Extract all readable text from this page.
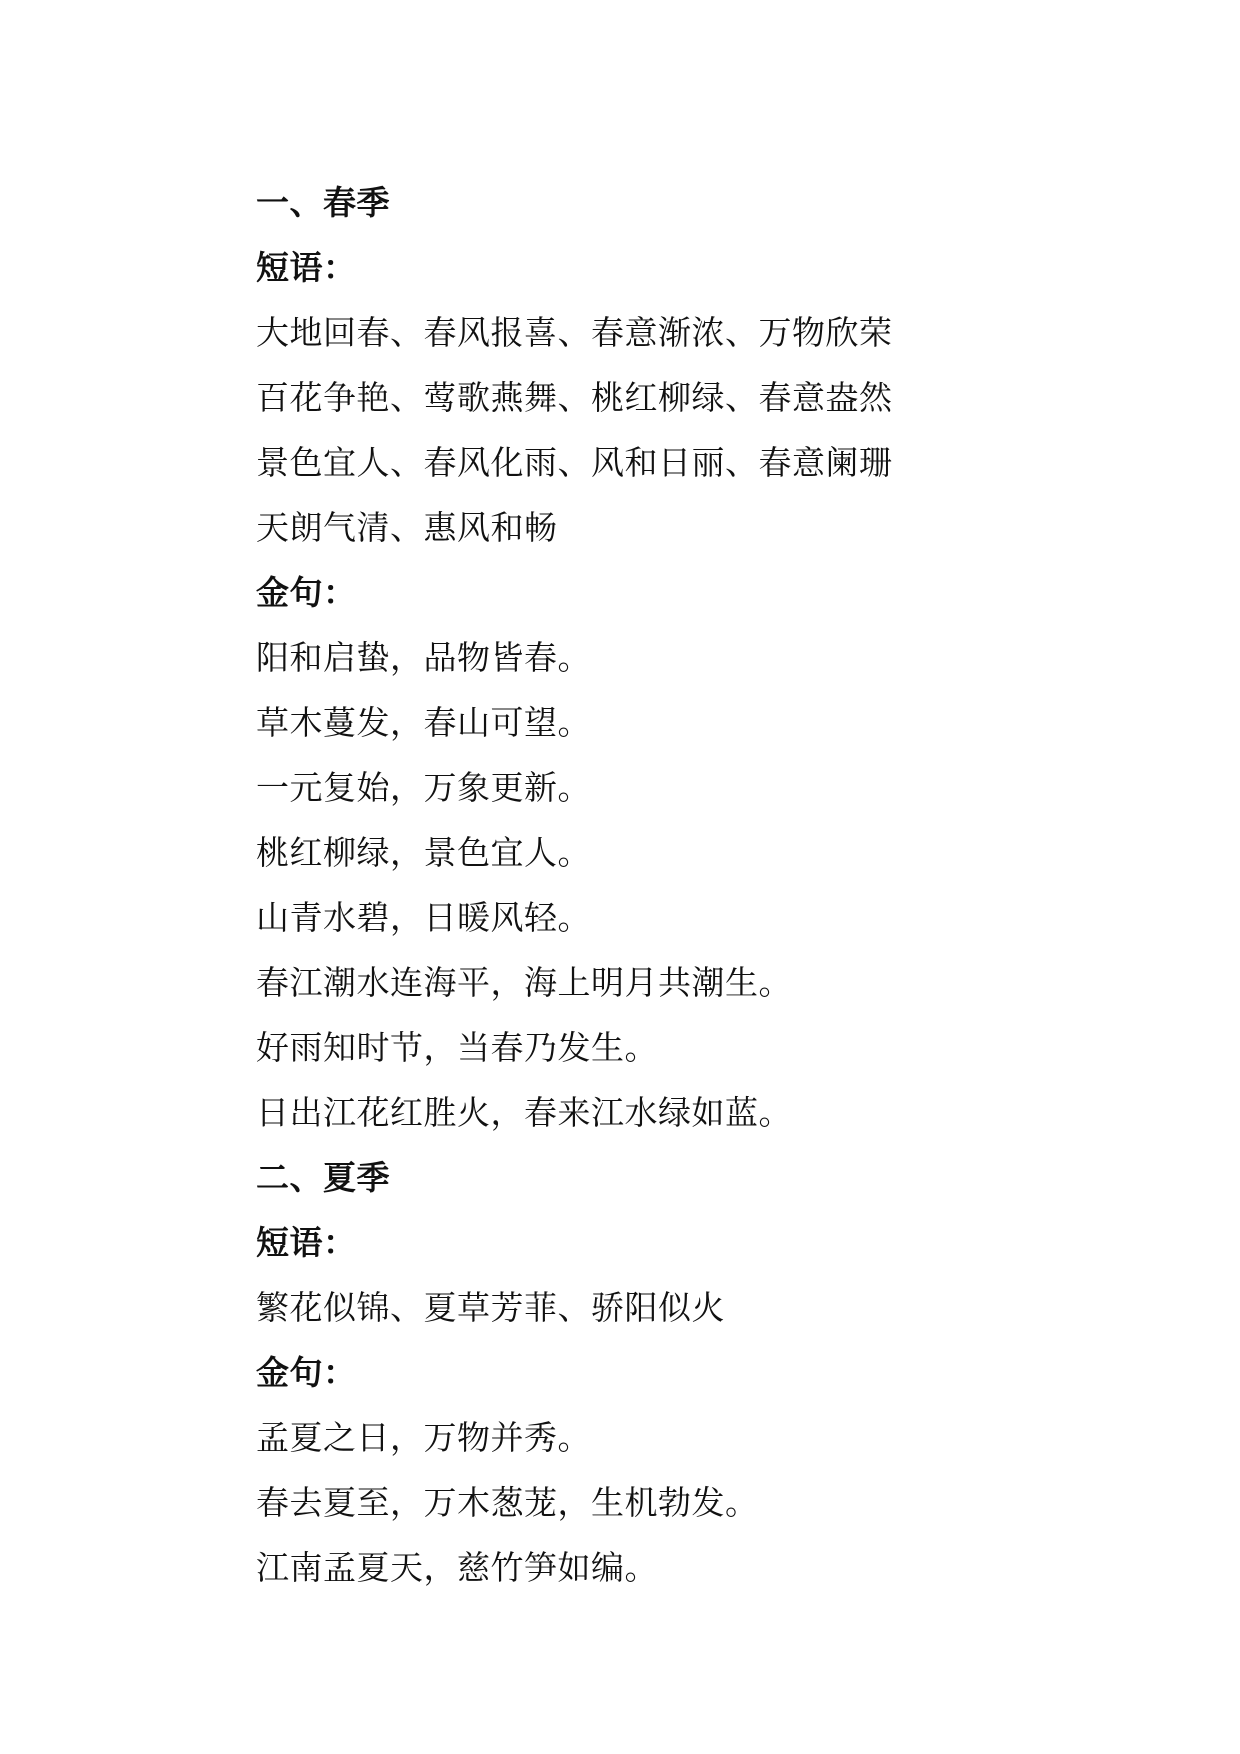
一、春季
短语：
大地回春、春风报喜、春意渐浓、万物欣荣
百花争艳、莺歌燕舞、桃红柳绿、春意盎然
景色宜人、春风化雨、风和日丽、春意阑珊
天朗气清、惠风和畅
金句：
阳和启蛰，品物皆春。
草木蔓发，春山可望。
一元复始，万象更新。
桃红柳绿，景色宜人。
山青水碧，日暖风轻。
春江潮水连海平，海上明月共潮生。
好雨知时节，当春乃发生。
日出江花红胜火，春来江水绿如蓝。
二、夏季
短语：
繁花似锦、夏草芳菲、骄阳似火
金句：
孟夏之日，万物并秀。
春去夏至，万木葱茏，生机勃发。
江南孟夏天，慈竹笋如编。
